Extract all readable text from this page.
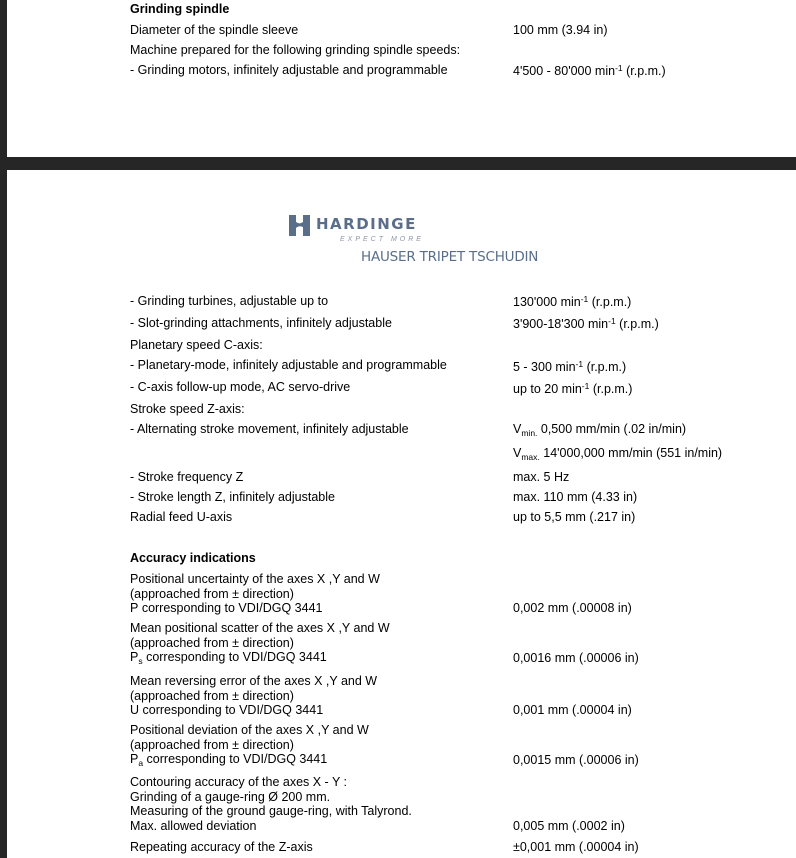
Grinding spindle
Diameter of the spindle sleeve	100 mm (3.94 in)
Machine prepared for the following grinding spindle speeds:
- Grinding motors, infinitely adjustable and programmable	4'500 - 80'000 $\min^{-1} (r.p.m.)$
HARDINGE
EXPECT MORE
HAUSER TRIPET TSCHUDIN
- Grinding turbines, adjustable up to	130'000 $\min^{-1} (r.p.m.)$
- Slot-grinding attachments, infinitely adjustable	3'900-18'300 $\min^{-1} (r.p.m.)$
Planetary speed C-axis:
- Planetary-mode, infinitely adjustable and programmable	5 - 300 $\min^{-1} (r.p.m.)$
- C-axis follow-up mode, AC servo-drive	up to 20 $\min^{-1} (r.p.m.)$
Stroke speed Z-axis:
- Alternating stroke movement, infinitely adjustable	$V_{min.}$ 0,500 mm/min (.02 in/min)
$V_{max.}$ 14'000,000 mm/min (551 in/min)
- Stroke frequency Z	max. 5 Hz
- Stroke length Z, infinitely adjustable	max. 110 mm (4.33 in)
Radial feed U-axis	up to 5,5 mm (.217 in)
Accuracy indications
Positional uncertainty of the axes X ,Y and W
(approached from ± direction)
P corresponding to VDI/DGQ 3441	0,002 mm (.00008 in)
Mean positional scatter of the axes X ,Y and W
(approached from ± direction)
$P_s$ corresponding to VDI/DGQ 3441	0,0016 mm (.00006 in)
Mean reversing error of the axes X ,Y and W
(approached from ± direction)
U corresponding to VDI/DGQ 3441	0,001 mm (.00004 in)
Positional deviation of the axes X ,Y and W
(approached from ± direction)
$P_a$ corresponding to VDI/DGQ 3441	0,0015 mm (.00006 in)
Contouring accuracy of the axes X - Y :
Grinding of a gauge-ring Ø 200 mm.
Measuring of the ground gauge-ring, with Talyrond.
Max. allowed deviation	0,005 mm (.0002 in)
Repeating accuracy of the Z-axis	±0,001 mm (.00004 in)
